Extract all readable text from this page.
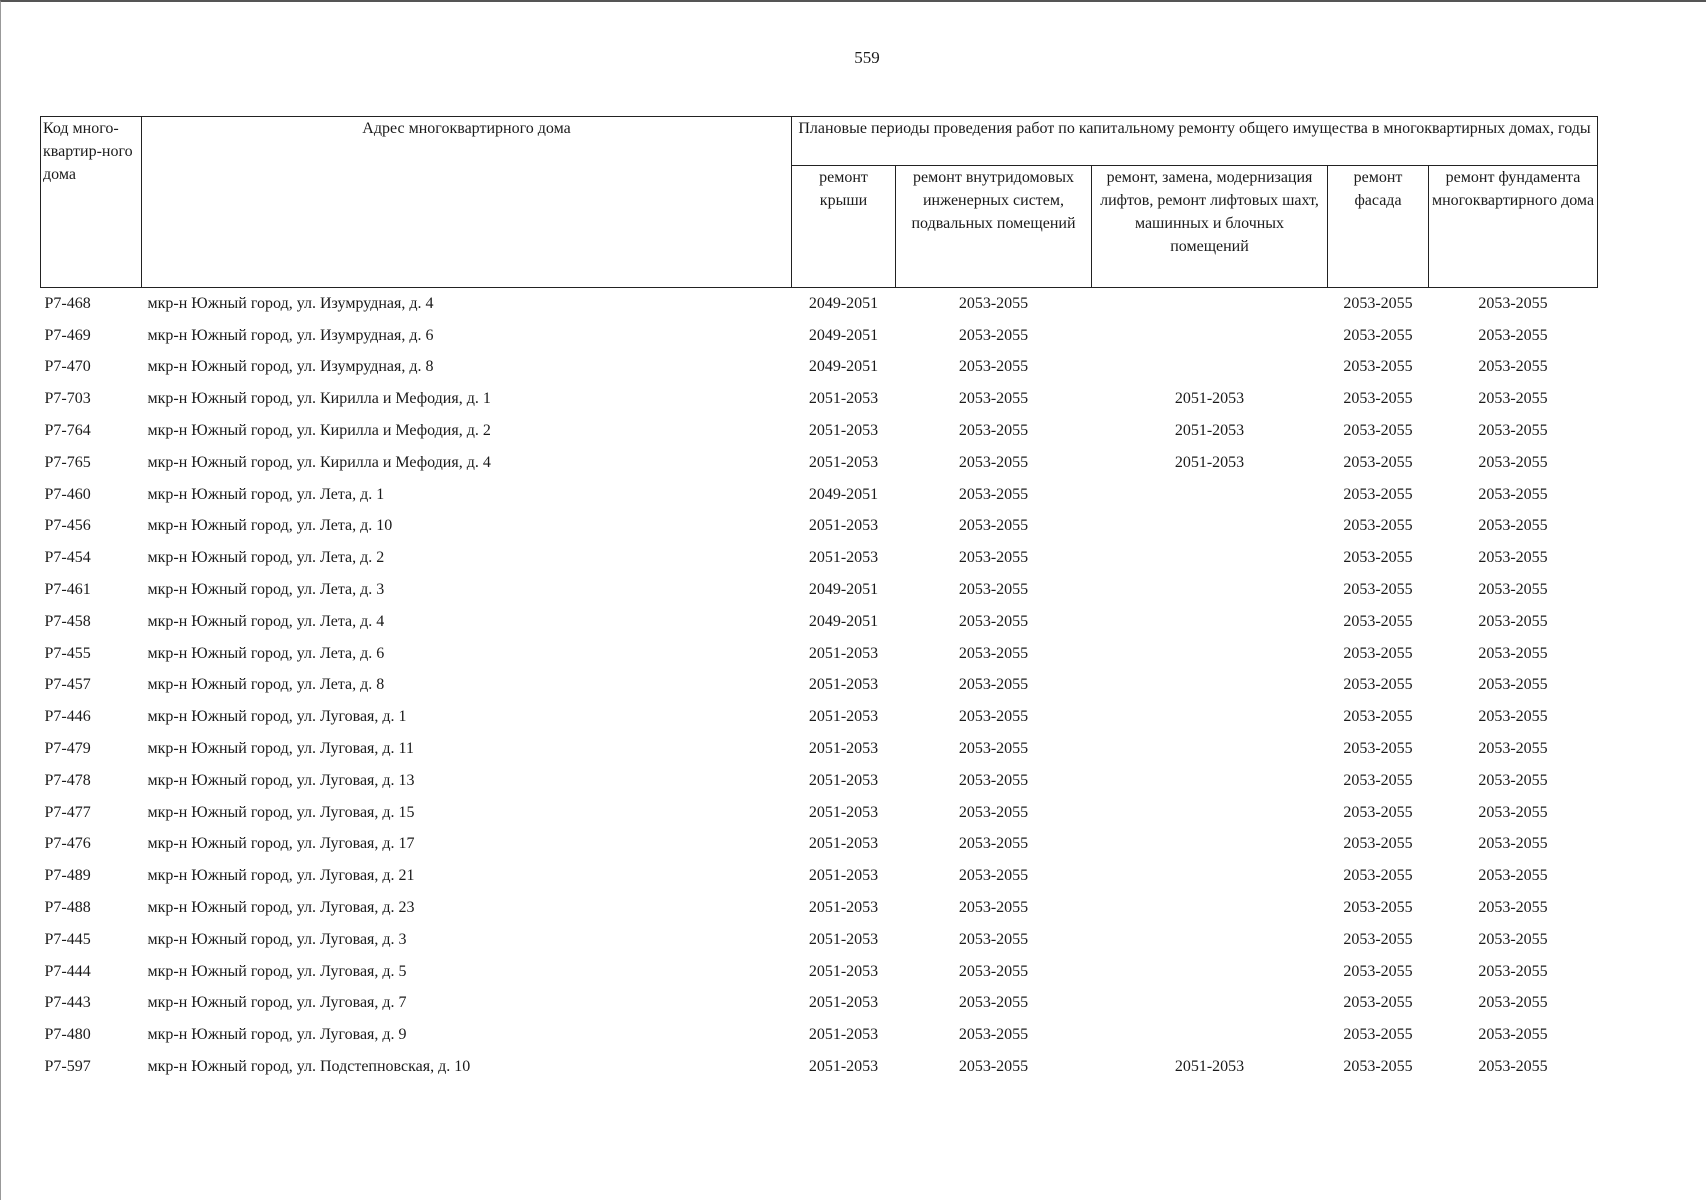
559
Код много-квартир-ного дома	Адрес многоквартирного дома	Плановые периоды проведения работ по капитальному ремонту общего имущества в многоквартирных домах, годы				
		ремонт крыши	ремонт внутридомовых инженерных систем, подвальных помещений	ремонт, замена, модернизация лифтов, ремонт лифтовых шахт, машинных и блочных помещений	ремонт фасада	ремонт фундамента многоквартирного дома
Р7-468	мкр-н Южный город, ул. Изумрудная, д. 4	2049-2051	2053-2055		2053-2055	2053-2055
Р7-469	мкр-н Южный город, ул. Изумрудная, д. 6	2049-2051	2053-2055		2053-2055	2053-2055
Р7-470	мкр-н Южный город, ул. Изумрудная, д. 8	2049-2051	2053-2055		2053-2055	2053-2055
Р7-703	мкр-н Южный город, ул. Кирилла и Мефодия, д. 1	2051-2053	2053-2055	2051-2053	2053-2055	2053-2055
Р7-764	мкр-н Южный город, ул. Кирилла и Мефодия, д. 2	2051-2053	2053-2055	2051-2053	2053-2055	2053-2055
Р7-765	мкр-н Южный город, ул. Кирилла и Мефодия, д. 4	2051-2053	2053-2055	2051-2053	2053-2055	2053-2055
Р7-460	мкр-н Южный город, ул. Лета, д. 1	2049-2051	2053-2055		2053-2055	2053-2055
Р7-456	мкр-н Южный город, ул. Лета, д. 10	2051-2053	2053-2055		2053-2055	2053-2055
Р7-454	мкр-н Южный город, ул. Лета, д. 2	2051-2053	2053-2055		2053-2055	2053-2055
Р7-461	мкр-н Южный город, ул. Лета, д. 3	2049-2051	2053-2055		2053-2055	2053-2055
Р7-458	мкр-н Южный город, ул. Лета, д. 4	2049-2051	2053-2055		2053-2055	2053-2055
Р7-455	мкр-н Южный город, ул. Лета, д. 6	2051-2053	2053-2055		2053-2055	2053-2055
Р7-457	мкр-н Южный город, ул. Лета, д. 8	2051-2053	2053-2055		2053-2055	2053-2055
Р7-446	мкр-н Южный город, ул. Луговая, д. 1	2051-2053	2053-2055		2053-2055	2053-2055
Р7-479	мкр-н Южный город, ул. Луговая, д. 11	2051-2053	2053-2055		2053-2055	2053-2055
Р7-478	мкр-н Южный город, ул. Луговая, д. 13	2051-2053	2053-2055		2053-2055	2053-2055
Р7-477	мкр-н Южный город, ул. Луговая, д. 15	2051-2053	2053-2055		2053-2055	2053-2055
Р7-476	мкр-н Южный город, ул. Луговая, д. 17	2051-2053	2053-2055		2053-2055	2053-2055
Р7-489	мкр-н Южный город, ул. Луговая, д. 21	2051-2053	2053-2055		2053-2055	2053-2055
Р7-488	мкр-н Южный город, ул. Луговая, д. 23	2051-2053	2053-2055		2053-2055	2053-2055
Р7-445	мкр-н Южный город, ул. Луговая, д. 3	2051-2053	2053-2055		2053-2055	2053-2055
Р7-444	мкр-н Южный город, ул. Луговая, д. 5	2051-2053	2053-2055		2053-2055	2053-2055
Р7-443	мкр-н Южный город, ул. Луговая, д. 7	2051-2053	2053-2055		2053-2055	2053-2055
Р7-480	мкр-н Южный город, ул. Луговая, д. 9	2051-2053	2053-2055		2053-2055	2053-2055
Р7-597	мкр-н Южный город, ул. Подстепновская, д. 10	2051-2053	2053-2055	2051-2053	2053-2055	2053-2055
